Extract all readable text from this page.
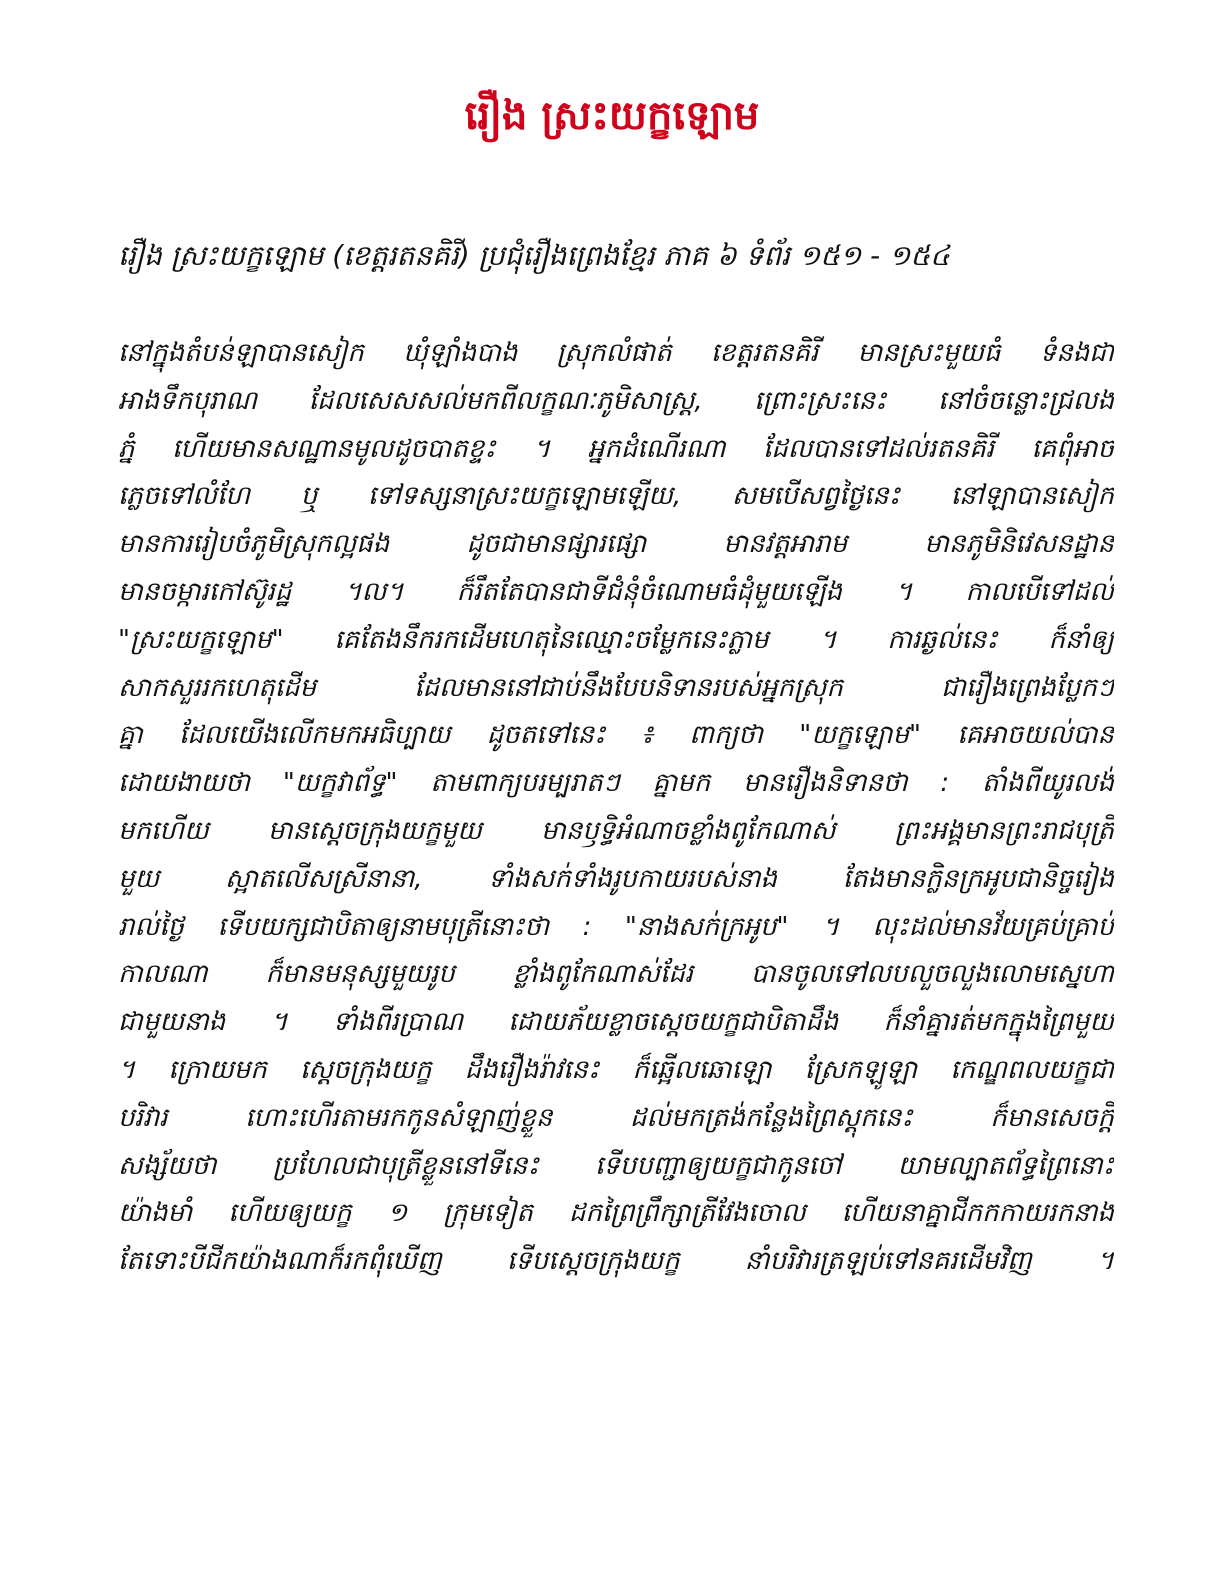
រឿង ស្រះយក្ខឡោម
រឿង ស្រះយក្ខឡោម (ខេត្តរតនគិរី) ប្រជុំរឿងព្រេងខ្មែរ ភាគ ៦ ទំព័រ ១៥១ - ១៥៤
នៅក្នុងតំបន់ឡាបានសៀក ឃុំឡាំងបាង ស្រុកលំផាត់ ខេត្តរតនគិរី មានស្រះមួយធំ ទំនងជា
អាងទឹកបុរាណ ដែលសេសសល់មកពីលក្ខណៈភូមិសាស្ត្រ, ព្រោះស្រះនេះ នៅចំចន្លោះជ្រលង
ភ្នំ ហើយមានសណ្ឋានមូលដូចបាតខ្ទះ ។ អ្នកដំណើរណា ដែលបានទៅដល់រតនគិរី គេពុំអាច
ភ្លេចទៅលំហែ ឬ ទៅទស្សនាស្រះយក្ខឡោមឡើយ, សមបើសព្វថ្ងៃនេះ នៅឡាបានសៀក
មានការរៀបចំភូមិស្រុកល្អផង ដូចជាមានផ្សារផ្សោ មានវត្តអារាម មានភូមិនិវេសនដ្ឋាន
មានចម្ការកៅស៊ូរដ្ឋ ។ល។ ក៏រឹតតែបានជាទីជំនុំចំណោមធំដុំមួយឡើង ។ កាលបើទៅដល់
"ស្រះយក្ខឡោម" គេតែងនឹករកដើមហេតុនៃឈ្មោះចម្លែកនេះភ្លាម ។ ការឆ្ងល់នេះ ក៏នាំឲ្យ
សាកសួររកហេតុដើម ដែលមាននៅជាប់នឹងបែបនិទានរបស់អ្នកស្រុក ជារឿងព្រេងប្លែកៗ
គ្នា ដែលយើងលើកមកអធិប្បាយ ដូចតទៅនេះ ៖ ពាក្យថា "យក្ខឡោម" គេអាចយល់បាន
ដោយងាយថា "យក្ខវាព័ទ្ធ" តាមពាក្យបរម្បរាតៗ គ្នាមក មានរឿងនិទានថា : តាំងពីយូរលង់
មកហើយ មានស្ដេចក្រុងយក្ខមួយ មានឫទ្ធិអំណាចខ្លាំងពូកែណាស់ ព្រះអង្គមានព្រះរាជបុត្រី
មួយ ស្អាតលើសស្រីនានា, ទាំងសក់ទាំងរូបកាយរបស់នាង តែងមានក្លិនក្រអូបជានិច្ចរៀង
រាល់ថ្ងៃ ទើបយក្សជាបិតាឲ្យនាមបុត្រីនោះថា : "នាងសក់ក្រអូប" ។ លុះដល់មានវ័យគ្រប់គ្រាប់
កាលណា ក៏មានមនុស្សមួយរូប ខ្លាំងពូកែណាស់ដែរ បានចូលទៅលបលួចលួងលោមស្នេហា
ជាមួយនាង ។ ទាំងពីរប្រាណ ដោយភ័យខ្លាចស្ដេចយក្ខជាបិតាដឹង ក៏នាំគ្នារត់មកក្នុងព្រៃមួយ
។ ក្រោយមក ស្ដេចក្រុងយក្ខ ដឹងរឿងរ៉ាវនេះ ក៏ឆ្អើលឆោឡោ ស្រែកឡូឡា កេណ្ឌពលយក្ខជា
បរិវារ ហោះហើរតាមរកកូនសំឡាញ់ខ្លួន ដល់មកត្រង់កន្លែងព្រៃស្ដុកនេះ ក៏មានសេចក្ដី
សង្ស័យថា ប្រហែលជាបុត្រីខ្លួននៅទីនេះ ទើបបញ្ជាឲ្យយក្ខជាកូនចៅ យាមល្បាតព័ទ្ធព្រៃនោះ
យ៉ាងមាំ ហើយឲ្យយក្ខ ១ ក្រុមទៀត ដកព្រៃព្រឹក្សាត្រីវែងចោល ហើយនាគ្នាជីកកកាយរកនាង
តែទោះបីជីកយ៉ាងណាក៏រកពុំឃើញ ទើបស្ដេចក្រុងយក្ខ នាំបរិវារត្រឡប់ទៅនគរដើមវិញ ។
